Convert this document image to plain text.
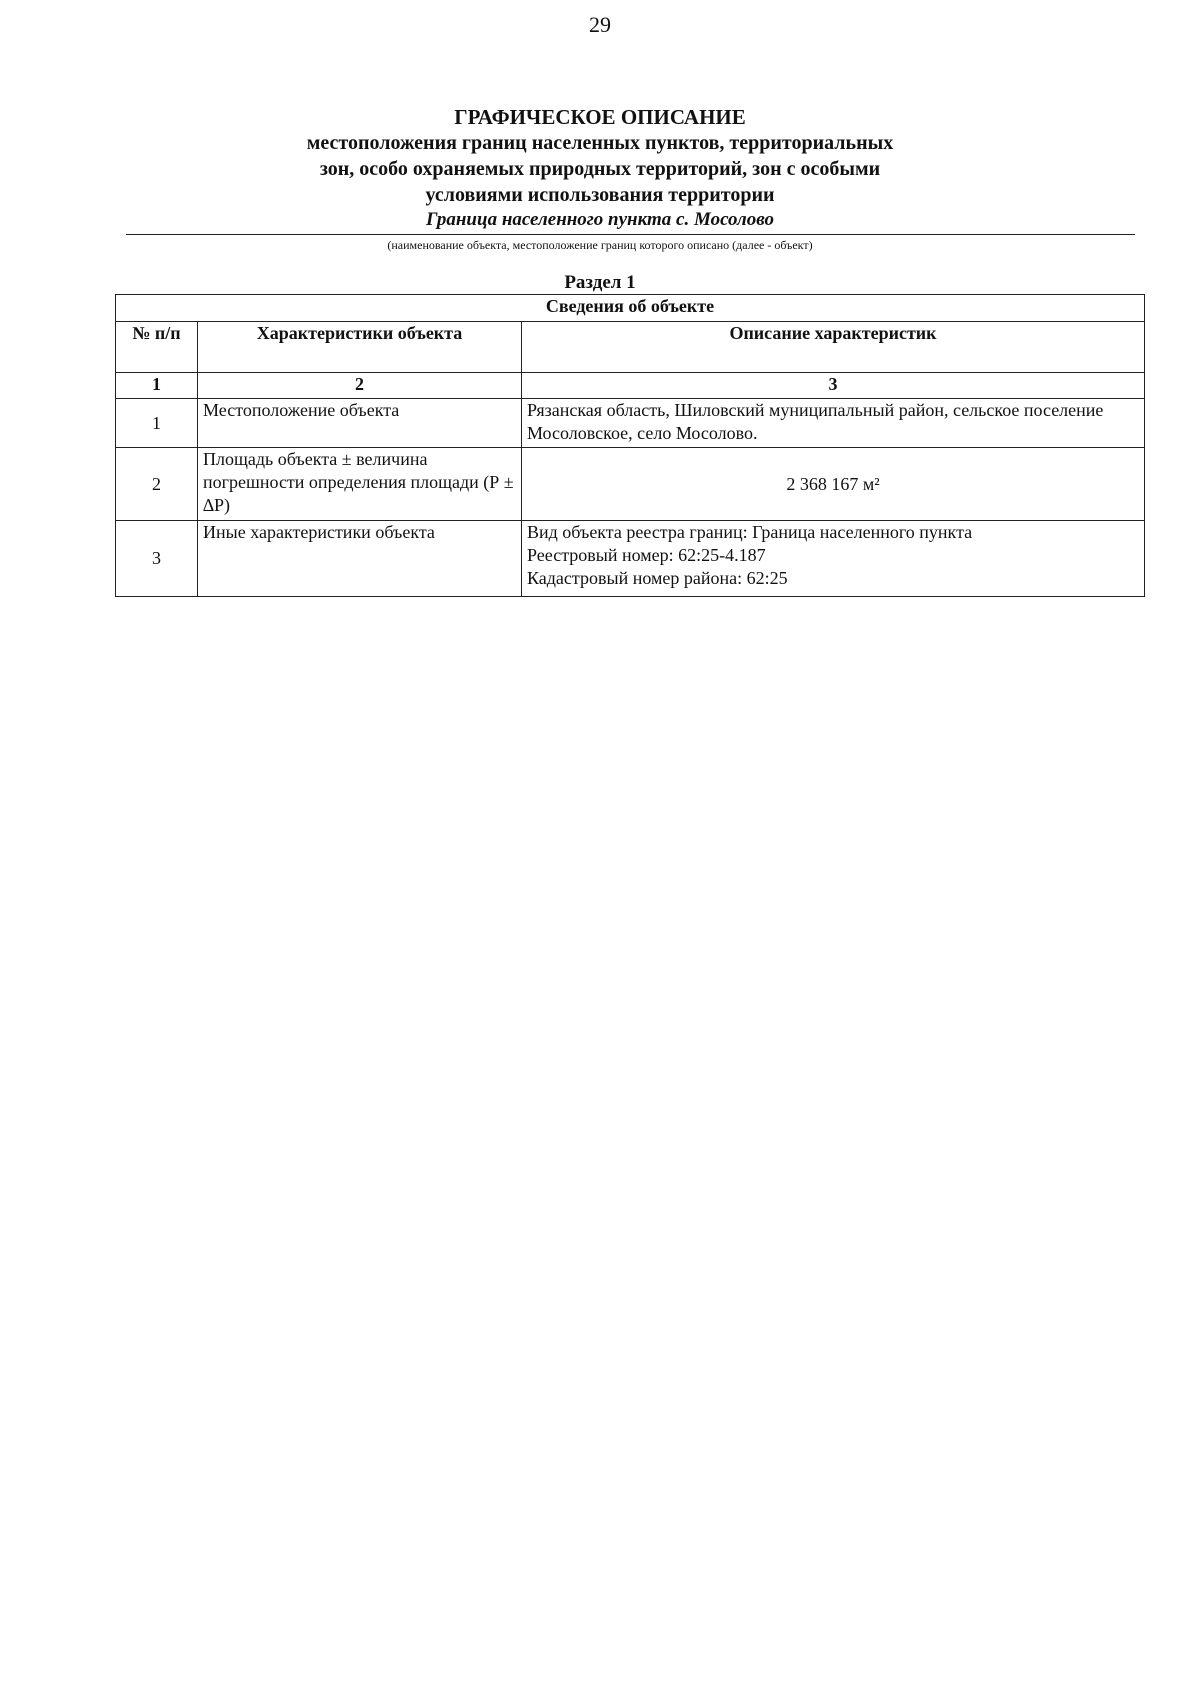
29
ГРАФИЧЕСКОЕ ОПИСАНИЕ
местоположения границ населенных пунктов, территориальных
зон, особо охраняемых природных территорий, зон с особыми
условиями использования территории
Граница населенного пункта с. Мосолово
(наименование объекта, местоположение границ которого описано (далее - объект)
Раздел 1
Сведения об объекте		
№ п/п	Характеристики объекта	Описание характеристик
1	2	3
1	Местоположение объекта	Рязанская область, Шиловский муниципальный район, сельское поселение Мосоловское, село Мосолово.
2	Площадь объекта ± величина погрешности определения площади (Р ± ∆Р)	2 368 167 м²
3	Иные характеристики объекта	Вид объекта реестра границ: Граница населенного пункта
Реестровый номер: 62:25-4.187
Кадастровый номер района: 62:25
